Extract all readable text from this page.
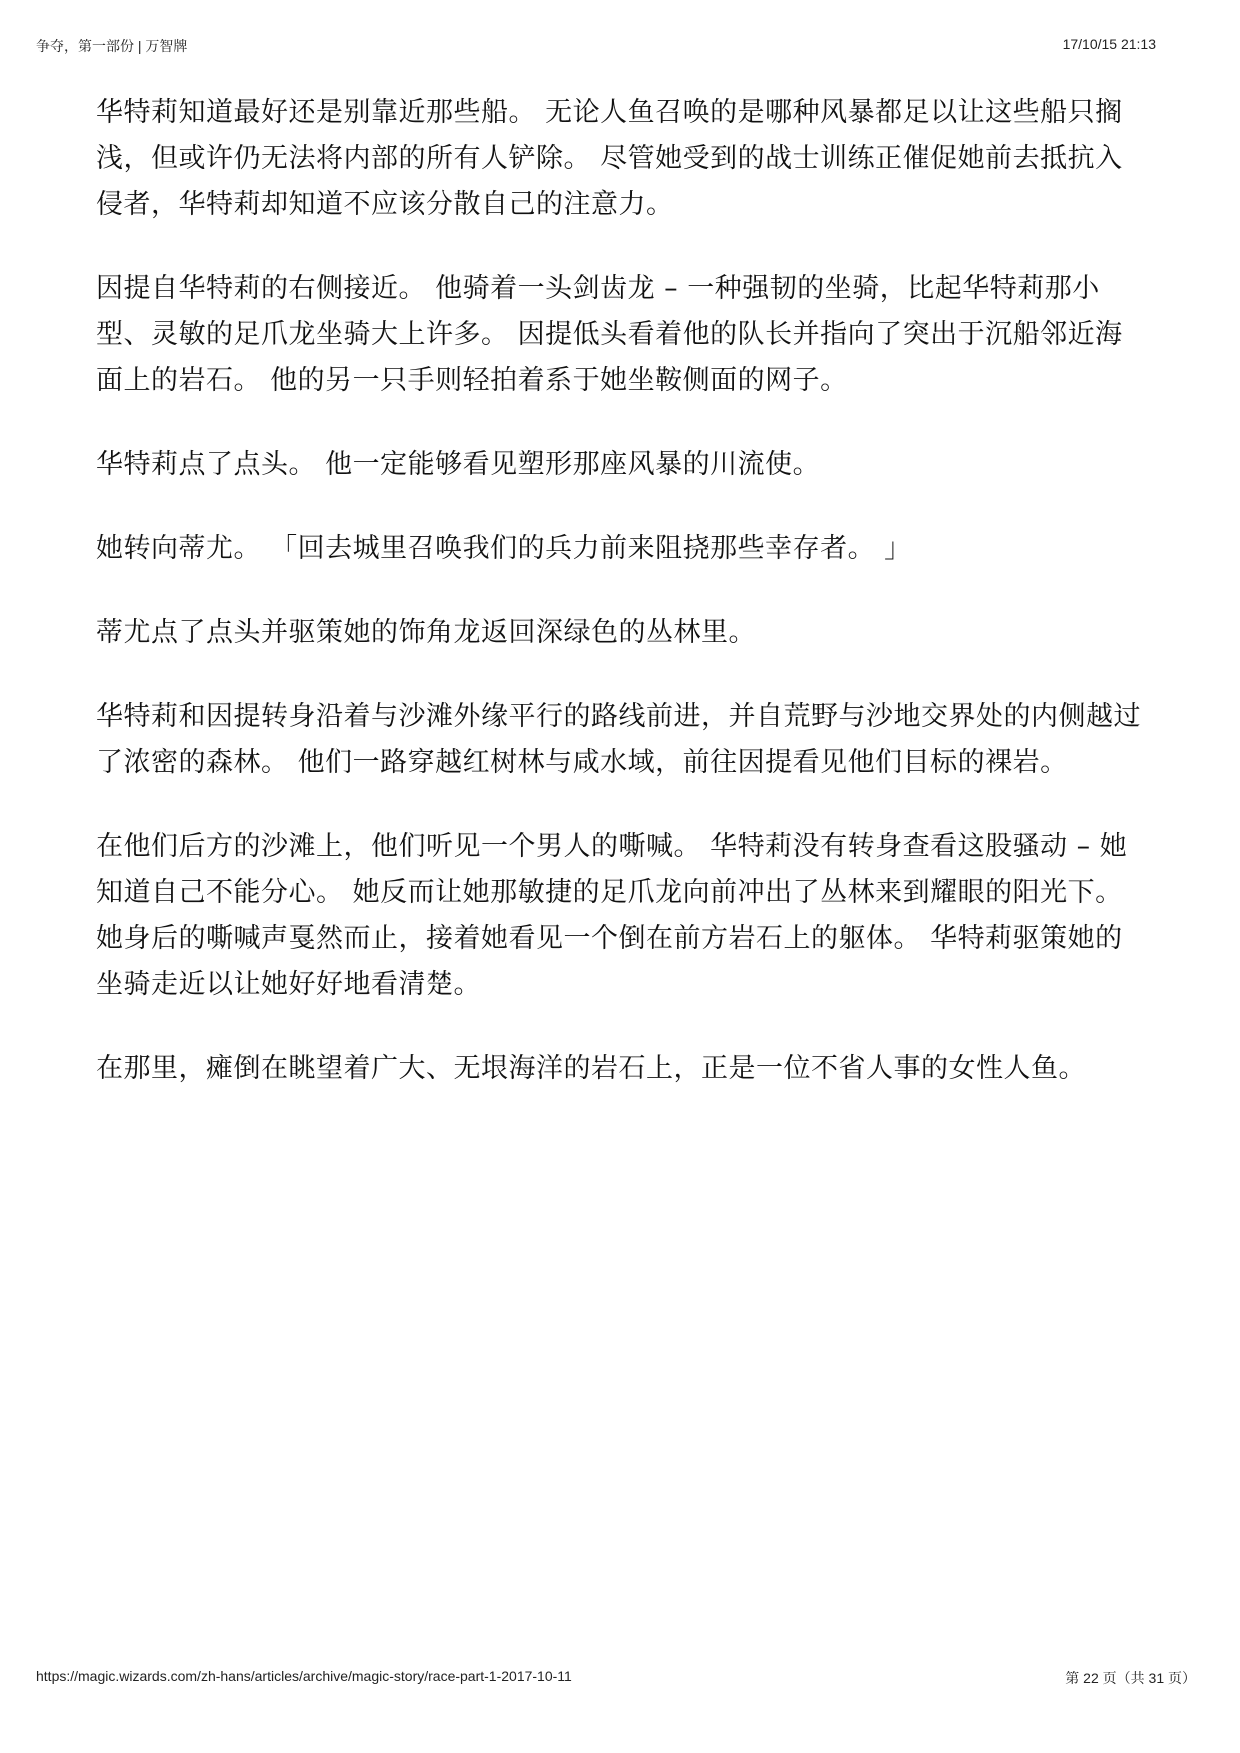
争夺，第一部份 | 万智牌	17/10/15 21:13

华特莉知道最好还是别靠近那些船。 无论人鱼召唤的是哪种风暴都足以让这些船只搁浅，但或许仍无法将内部的所有人铲除。 尽管她受到的战士训练正催促她前去抵抗入侵者，华特莉却知道不应该分散自己的注意力。

因提自华特莉的右侧接近。 他骑着一头剑齿龙 – 一种强韧的坐骑，比起华特莉那小型、灵敏的足爪龙坐骑大上许多。 因提低头看着他的队长并指向了突出于沉船邻近海面上的岩石。 他的另一只手则轻拍着系于她坐鞍侧面的网子。

华特莉点了点头。 他一定能够看见塑形那座风暴的川流使。

她转向蒂尤。 「回去城里召唤我们的兵力前来阻挠那些幸存者。 」

蒂尤点了点头并驱策她的饰角龙返回深绿色的丛林里。

华特莉和因提转身沿着与沙滩外缘平行的路线前进，并自荒野与沙地交界处的内侧越过了浓密的森林。 他们一路穿越红树林与咸水域，前往因提看见他们目标的裸岩。

在他们后方的沙滩上，他们听见一个男人的嘶喊。 华特莉没有转身查看这股骚动 – 她知道自己不能分心。 她反而让她那敏捷的足爪龙向前冲出了丛林来到耀眼的阳光下。 她身后的嘶喊声戛然而止，接着她看见一个倒在前方岩石上的躯体。 华特莉驱策她的坐骑走近以让她好好地看清楚。

在那里，瘫倒在眺望着广大、无垠海洋的岩石上，正是一位不省人事的女性人鱼。

https://magic.wizards.com/zh-hans/articles/archive/magic-story/race-part-1-2017-10-11	第 22 页（共 31 页）
